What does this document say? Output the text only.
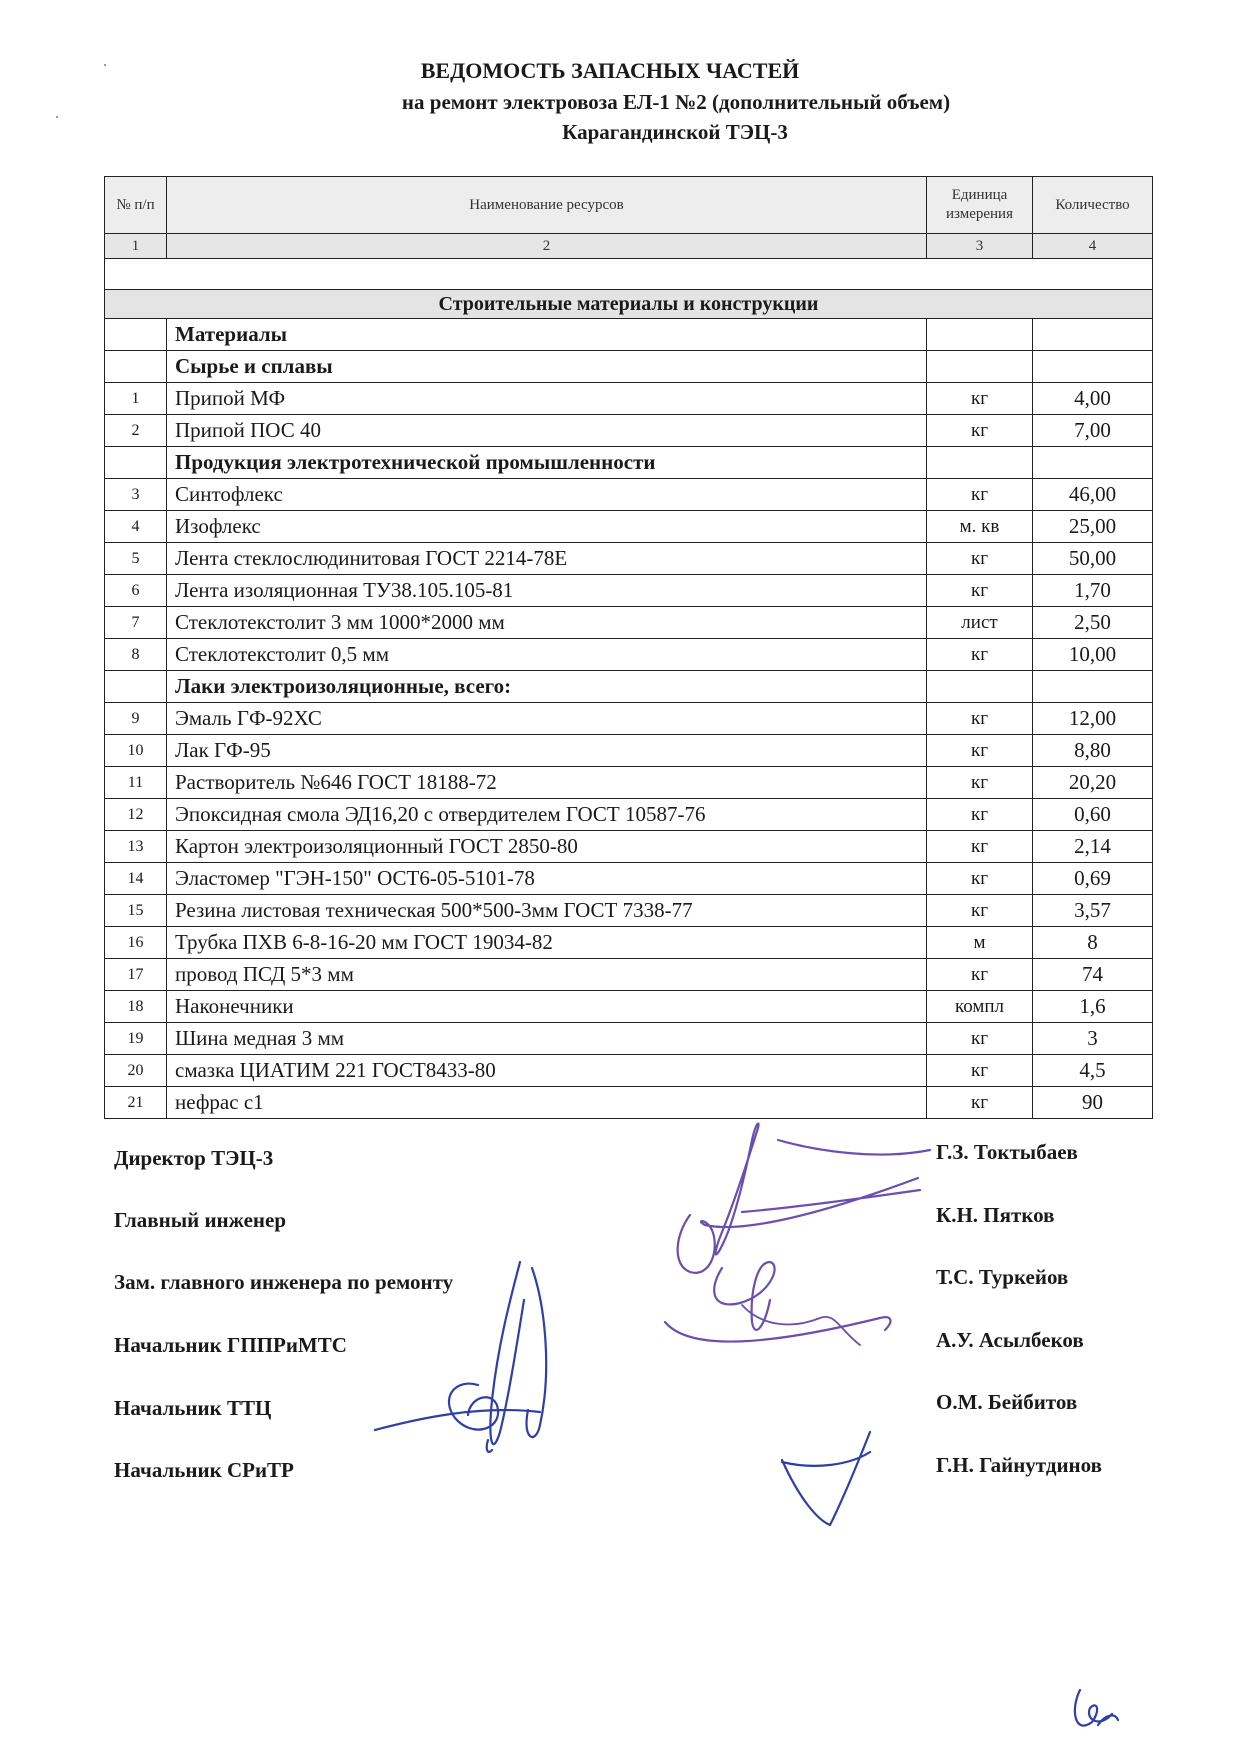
ВЕДОМОСТЬ ЗАПАСНЫХ ЧАСТЕЙ
на ремонт электровоза ЕЛ-1 №2 (дополнительный объем)
Карагандинской ТЭЦ-3
№ п/п	Наименование ресурсов	Единица измерения	Количество
1	2	3	4

Строительные материалы и конструкции			
	Материалы		
	Сырье и сплавы		
1	Припой МФ	кг	4,00
2	Припой ПОС 40	кг	7,00
	Продукция электротехнической промышленности		
3	Синтофлекс	кг	46,00
4	Изофлекс	м. кв	25,00
5	Лента стеклослюдинитовая ГОСТ 2214-78Е	кг	50,00
6	Лента изоляционная ТУ38.105.105-81	кг	1,70
7	Стеклотекстолит 3 мм 1000*2000 мм	лист	2,50
8	Стеклотекстолит 0,5 мм	кг	10,00
	Лаки электроизоляционные, всего:		
9	Эмаль ГФ-92ХС	кг	12,00
10	Лак ГФ-95	кг	8,80
11	Растворитель №646 ГОСТ 18188-72	кг	20,20
12	Эпоксидная смола ЭД16,20 с отвердителем ГОСТ 10587-76	кг	0,60
13	Картон электроизоляционный ГОСТ 2850-80	кг	2,14
14	Эластомер "ГЭН-150" ОСТ6-05-5101-78	кг	0,69
15	Резина листовая техническая 500*500-3мм ГОСТ 7338-77	кг	3,57
16	Трубка ПХВ 6-8-16-20 мм ГОСТ 19034-82	м	8
17	провод ПСД 5*3 мм	кг	74
18	Наконечники	компл	1,6
19	Шина медная 3 мм	кг	3
20	смазка ЦИАТИМ 221 ГОСТ8433-80	кг	4,5
21	нефрас с1	кг	90
Директор ТЭЦ-3
Главный инженер
Зам. главного инженера по ремонту
Начальник ГППРиМТС
Начальник ТТЦ
Начальник СРиТР
Г.З. Токтыбаев
К.Н. Пятков
Т.С. Туркейов
А.У. Асылбеков
О.М. Бейбитов
Г.Н. Гайнутдинов
